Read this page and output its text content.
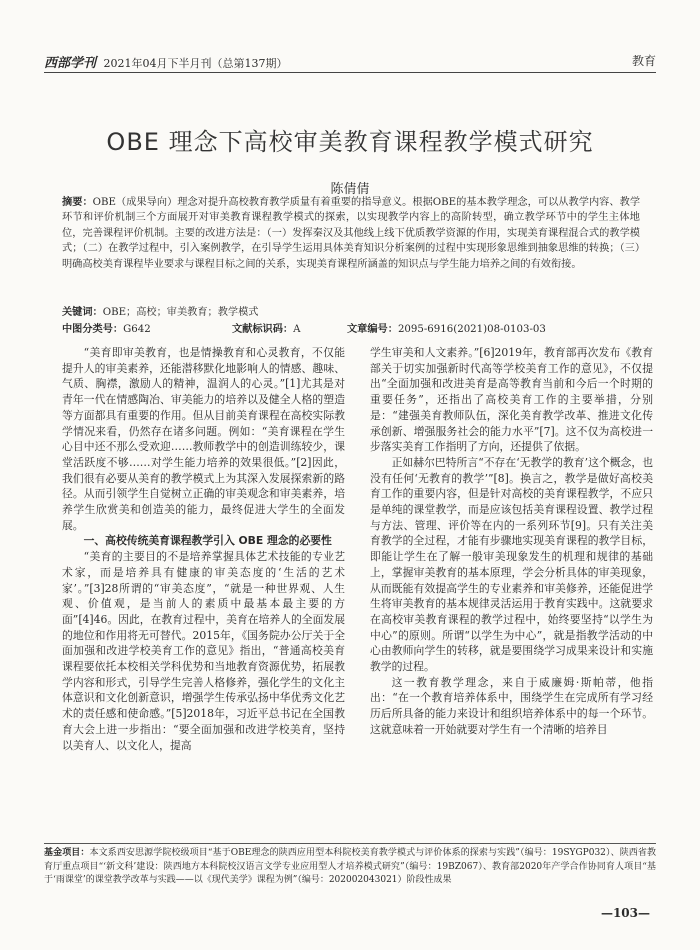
西部学刊 2021年04月下半月刊（总第137期）	教育
OBE 理念下高校审美教育课程教学模式研究
陈倩倩
摘要：OBE（成果导向）理念对提升高校教育教学质量有着重要的指导意义。根据OBE的基本教学理念，可以从教学内容、教学环节和评价机制三个方面展开对审美教育课程教学模式的探索，以实现教学内容上的高阶转型，确立教学环节中的学生主体地位，完善课程评价机制。主要的改进方法是：（一）发挥秦汉及其他线上线下优质教学资源的作用，实现美育课程混合式的教学模式；（二）在教学过程中，引入案例教学，在引导学生运用具体美育知识分析案例的过程中实现形象思维到抽象思维的转换；（三）明确高校美育课程毕业要求与课程目标之间的关系，实现美育课程所涵盖的知识点与学生能力培养之间的有效衔接。
关键词：OBE；高校；审美教育；教学模式
中图分类号：G642	文献标识码：A	文章编号：2095-6916(2021)08-0103-03

“美育即审美教育，也是情操教育和心灵教育，不仅能提升人的审美素养，还能潜移默化地影响人的情感、趣味、气质、胸襟，激励人的精神，温润人的心灵。”[1]尤其是对青年一代在情感陶冶、审美能力的培养以及健全人格的塑造等方面都具有重要的作用。但从目前美育课程在高校实际教学情况来看，仍然存在诸多问题。例如：“美育课程在学生心目中还不那么受欢迎……教师教学中的创造训练较少，课堂活跃度不够……对学生能力培养的效果很低。”[2]因此，我们很有必要从美育的教学模式上为其深入发展探索新的路径。从而引领学生自觉树立正确的审美观念和审美素养，培养学生欣赏美和创造美的能力，最终促进大学生的全面发展。

一、高校传统美育课程教学引入 OBE 理念的必要性

“美育的主要目的不是培养掌握具体艺术技能的专业艺术家，而是培养具有健康的审美态度的‘生活的艺术家’。”[3]28所谓的“审美态度”，“就是一种世界观、人生观、价值观，是当前人的素质中最基本最主要的方面”[4]46。因此，在教育过程中，美育在培养人的全面发展的地位和作用将无可替代。2015年，《国务院办公厅关于全面加强和改进学校美育工作的意见》指出，“普通高校美育课程要依托本校相关学科优势和当地教育资源优势，拓展教学内容和形式，引导学生完善人格修养，强化学生的文化主体意识和文化创新意识，增强学生传承弘扬中华优秀文化艺术的责任感和使命感。”[5]2018年，习近平总书记在全国教育大会上进一步指出：“要全面加强和改进学校美育，坚持以美育人、以文化人，提高

学生审美和人文素养。”[6]2019年，教育部再次发布《教育部关于切实加强新时代高等学校美育工作的意见》，不仅提出“全面加强和改进美育是高等教育当前和今后一个时期的重要任务”，还指出了高校美育工作的主要举措，分别是：“建强美育教师队伍，深化美育教学改革、推进文化传承创新、增强服务社会的能力水平”[7]。这不仅为高校进一步落实美育工作指明了方向，还提供了依据。

正如赫尔巴特所言“不存在‘无教学的教育’这个概念，也没有任何‘无教育的教学’”[8]。换言之，教学是做好高校美育工作的重要内容，但是针对高校的美育课程教学，不应只是单纯的课堂教学，而是应该包括美育课程设置、教学过程与方法、管理、评价等在内的一系列环节[9]。只有关注美育教学的全过程，才能有步骤地实现美育课程的教学目标，即能让学生在了解一般审美现象发生的机理和规律的基础上，掌握审美教育的基本原理，学会分析具体的审美现象，从而既能有效提高学生的专业素养和审美修养，还能促进学生将审美教育的基本规律灵活运用于教育实践中。这就要求在高校审美教育课程的教学过程中，始终要坚持“以学生为中心”的原则。所谓“以学生为中心”，就是指教学活动的中心由教师向学生的转移，就是要围绕学习成果来设计和实施教学的过程。

这一教育教学理念，来自于威廉姆·斯帕蒂，他指出：“在一个教育培养体系中，围绕学生在完成所有学习经历后所具备的能力来设计和组织培养体系中的每一个环节。这就意味着一开始就要对学生有一个清晰的培养目

基金项目：本文系西安思源学院校级项目“基于OBE理念的陕西应用型本科院校美育教学模式与评价体系的探索与实践”（编号：19SYGP032）、陕西省教育厅重点项目“‘新文科’建设：陕西地方本科院校汉语言文学专业应用型人才培养模式研究”（编号：19BZ067）、教育部2020年产学合作协同育人项目“基于‘雨课堂’的课堂教学改革与实践——以《现代美学》课程为例”（编号：202002043021）阶段性成果
—103—
